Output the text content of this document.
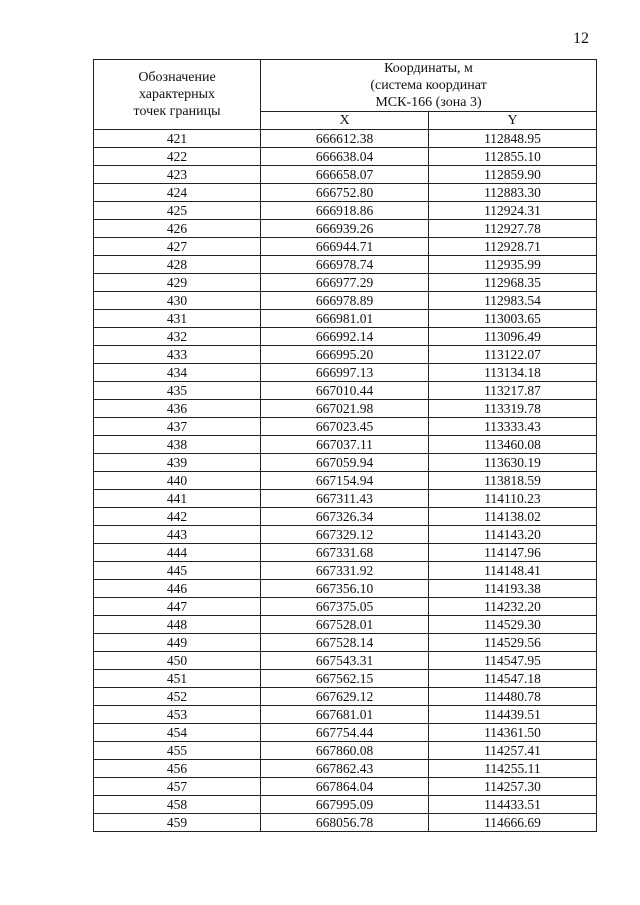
12
Обозначение
характерных
точек границы	Координаты, м
(система координат
МСК-166 (зона 3)	

	X	Y
421	666612.38	112848.95
422	666638.04	112855.10
423	666658.07	112859.90
424	666752.80	112883.30
425	666918.86	112924.31
426	666939.26	112927.78
427	666944.71	112928.71
428	666978.74	112935.99
429	666977.29	112968.35
430	666978.89	112983.54
431	666981.01	113003.65
432	666992.14	113096.49
433	666995.20	113122.07
434	666997.13	113134.18
435	667010.44	113217.87
436	667021.98	113319.78
437	667023.45	113333.43
438	667037.11	113460.08
439	667059.94	113630.19
440	667154.94	113818.59
441	667311.43	114110.23
442	667326.34	114138.02
443	667329.12	114143.20
444	667331.68	114147.96
445	667331.92	114148.41
446	667356.10	114193.38
447	667375.05	114232.20
448	667528.01	114529.30
449	667528.14	114529.56
450	667543.31	114547.95
451	667562.15	114547.18
452	667629.12	114480.78
453	667681.01	114439.51
454	667754.44	114361.50
455	667860.08	114257.41
456	667862.43	114255.11
457	667864.04	114257.30
458	667995.09	114433.51
459	668056.78	114666.69
